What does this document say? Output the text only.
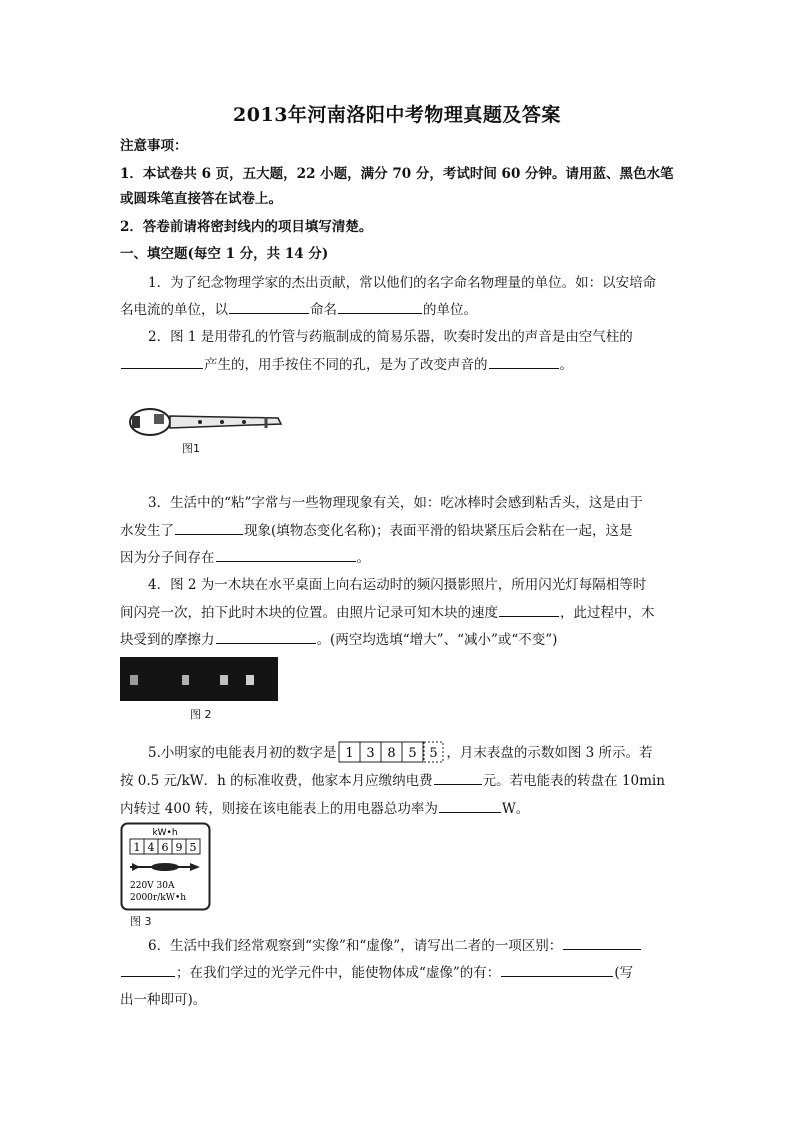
2013年河南洛阳中考物理真题及答案
注意事项：
1．本试卷共 6 页，五大题，22 小题，满分 70 分，考试时间 60 分钟。请用蓝、黑色水笔
或圆珠笔直接答在试卷上。
2．答卷前请将密封线内的项目填写清楚。
一、填空题(每空 1 分，共 14 分)
1．为了纪念物理学家的杰出贡献，常以他们的名字命名物理量的单位。如：以安培命
名电流的单位，以	命名	的单位。
2．图 1 是用带孔的竹管与药瓶制成的简易乐器，吹奏时发出的声音是由空气柱的
产生的，用手按住不同的孔，是为了改变声音的	。
图1
3．生活中的“粘”字常与一些物理现象有关，如：吃冰棒时会感到粘舌头，这是由于
水发生了	现象(填物态变化名称)；表面平滑的铅块紧压后会粘在一起，这是
因为分子间存在	。
4．图 2 为一木块在水平桌面上向右运动时的频闪摄影照片，所用闪光灯每隔相等时
间闪亮一次，拍下此时木块的位置。由照片记录可知木块的速度	，此过程中，木
块受到的摩擦力	。(两空均选填“增大”、“减小”或“不变”)
图 2
5.小明家的电能表月初的数字是 1 3 8 5 5 ，月末表盘的示数如图 3 所示。若
按 0.5 元/kW．h 的标准收费，他家本月应缴纳电费	元。若电能表的转盘在 10min
内转过 400 转，则接在该电能表上的用电器总功率为	W。
kW•h
1 4 6 9 5
220V 30A
2000r/kW•h
图 3
6．生活中我们经常观察到“实像”和“虚像”，请写出二者的一项区别：
；在我们学过的光学元件中，能使物体成“虚像”的有：	(写
出一种即可)。
